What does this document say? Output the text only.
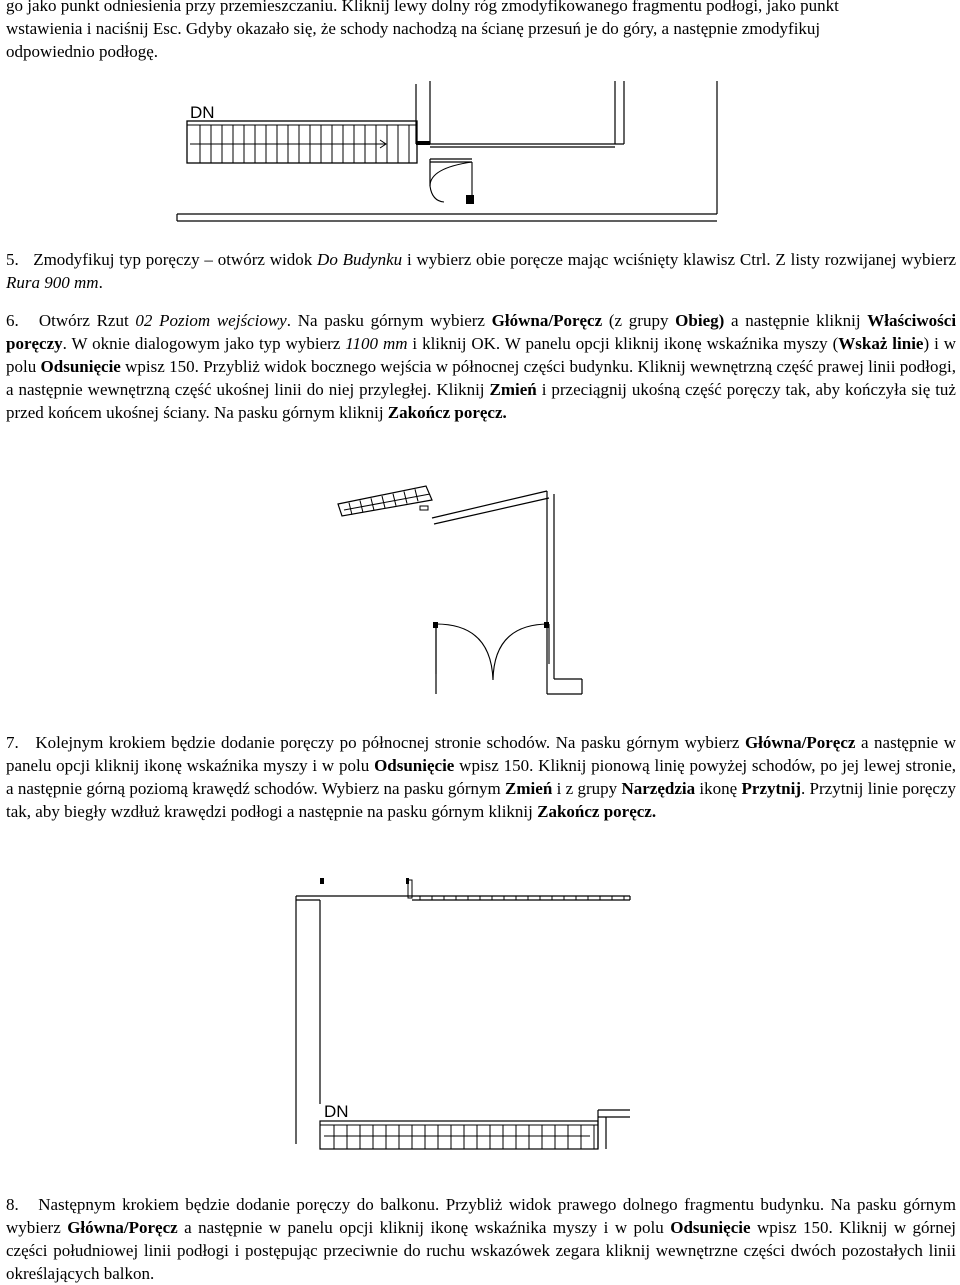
go jako punkt odniesienia przy przemieszczaniu. Kliknij lewy dolny róg zmodyfikowanego fragmentu podłogi, jako punkt
wstawienia i naciśnij Esc. Gdyby okazało się, że schody nachodzą na ścianę przesuń je do góry, a następnie zmodyfikuj
odpowiednio podłogę.

DN

5. Zmodyfikuj typ poręczy – otwórz widok Do Budynku i wybierz obie poręcze mając wciśnięty klawisz Ctrl. Z listy rozwijanej wybierz Rura 900 mm.

6. Otwórz Rzut 02 Poziom wejściowy. Na pasku górnym wybierz Główna/Poręcz (z grupy Obieg) a następnie kliknij Właściwości poręczy. W oknie dialogowym jako typ wybierz 1100 mm i kliknij OK. W panelu opcji kliknij ikonę wskaźnika myszy (Wskaż linie) i w polu Odsunięcie wpisz 150. Przybliż widok bocznego wejścia w północnej części budynku. Kliknij wewnętrzną część prawej linii podłogi, a następnie wewnętrzną część ukośnej linii do niej przyległej. Kliknij Zmień i przeciągnij ukośną część poręczy tak, aby kończyła się tuż przed końcem ukośnej ściany. Na pasku górnym kliknij Zakończ poręcz.

7. Kolejnym krokiem będzie dodanie poręczy po północnej stronie schodów. Na pasku górnym wybierz Główna/Poręcz a następnie w panelu opcji kliknij ikonę wskaźnika myszy i w polu Odsunięcie wpisz 150. Kliknij pionową linię powyżej schodów, po jej lewej stronie, a następnie górną poziomą krawędź schodów. Wybierz na pasku górnym Zmień i z grupy Narzędzia ikonę Przytnij. Przytnij linie poręczy tak, aby biegły wzdłuż krawędzi podłogi a następnie na pasku górnym kliknij Zakończ poręcz.

DN

8. Następnym krokiem będzie dodanie poręczy do balkonu. Przybliż widok prawego dolnego fragmentu budynku. Na pasku górnym wybierz Główna/Poręcz a następnie w panelu opcji kliknij ikonę wskaźnika myszy i w polu Odsunięcie wpisz 150. Kliknij w górnej części południowej linii podłogi i postępując przeciwnie do ruchu wskazówek zegara kliknij wewnętrzne części dwóch pozostałych linii określających balkon.
